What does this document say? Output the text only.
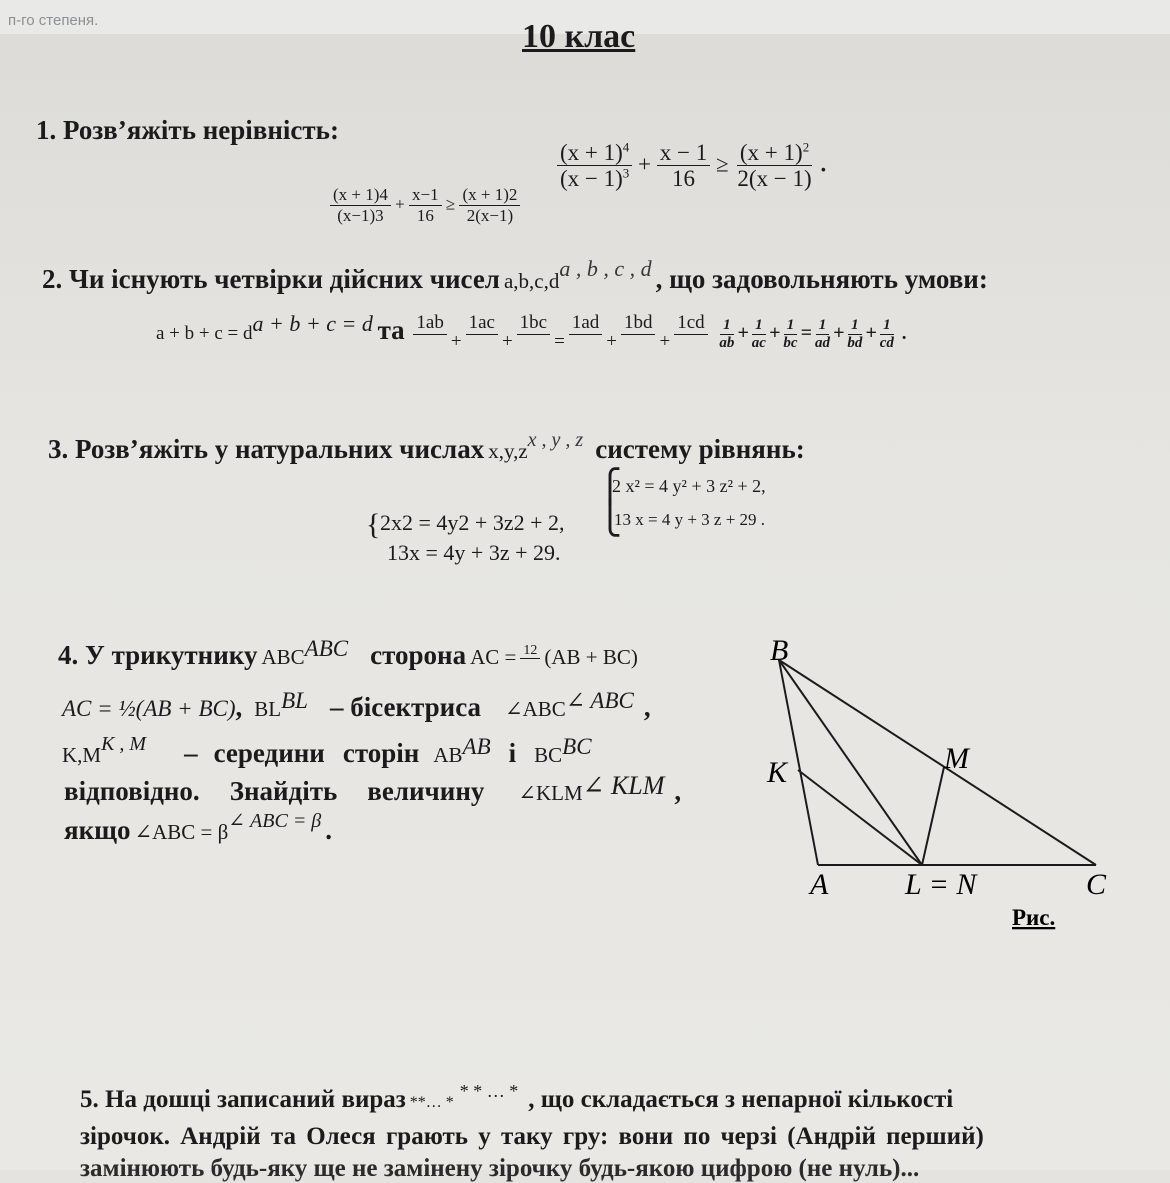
п-го степеня.	10 клас
1. Розв’яжіть нерівність:
$\frac{(x + 1)4}{(x-1)3} + \frac{x-1}{16} \ge \frac{(x + 1)2}{2(x-1)}$
$\frac{(x + 1)^4}{(x - 1)^3} + \frac{x - 1}{16} \ge \frac{(x + 1)^2}{2(x - 1)}$ .
2. Чи існують четвірки дійсних чисел a,b,c,da , b , c , d , що задовольняють умови:
a + b + c = da + b + c = d та 1ab

+
1ac

+
1bc

=
1ad

+
1bd

+
1cd

$\frac{1}{ab} + \frac{1}{ac} + \frac{1}{bc} = \frac{1}{ad} + \frac{1}{bd} + \frac{1}{cd}$ .
3. Розв’яжіть у натуральних числах x,y,zx , y , z систему рівнянь:
⎧
⎩
2 x² = 4 y² + 3 z² + 2,
13 x = 4 y + 3 z + 29 .
{ 2x2 = 4y2 + 3z2 + 2,
13x = 4y + 3z + 29.
4. У трикутнику ABCABC сторона AC = 12 (AB + BC)
AC = ½(AB + BC), BLBL – бісектриса ∠ABC∠ ABC ,
K,MK , M – середини сторін ABAB і BCBC
відповідно. Знайдіть величину ∠KLM∠ KLM ,
якщо ∠ABC = β∠ ABC = β .
B
K	M
A	L = N	C
Рис.
5. На дошці записаний вираз **… ** * … * , що складається з непарної кількості
зірочок. Андрій та Олеся грають у таку гру: вони по черзі (Андрій перший)
замінюють будь-яку ще не замінену зірочку будь-якою цифрою (не нуль)...
